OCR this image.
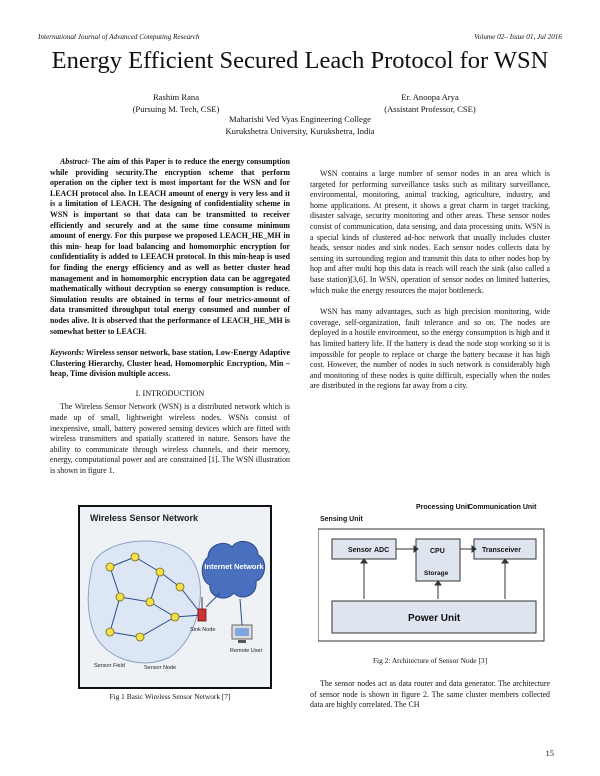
International Journal of Advanced Computing Research	Volume 02– Issue 01, Jul 2016
Energy Efficient Secured Leach Protocol for WSN
Rashim Rana
(Pursuing M. Tech, CSE)
Er. Anoopa Arya
(Assistant Professor, CSE)
Maharishi Ved Vyas Engineering College
Kurukshetra University, Kurukshetra, India

Abstract- The aim of this Paper is to reduce the energy consumption while providing security.The encryption scheme that perform operation on the cipher text is most important for the WSN and for LEACH protocol also. In LEACH amount of energy is very less and it is a limitation of LEACH. The designing of confidentiality scheme in WSN is important so that data can be transmitted to receiver efficiently and securely and at the same time consume minimum amount of energy. For this purpose we proposed LEACH_HE_MH in this min- heap for load balancing and homomorphic encryption for confidentiality is added to LEEACH protocol. In this min-heap is used for finding the energy efficiency and as well as better cluster head management and in homomorphic encryption data can be aggregated mathematically without decryption so energy consumption is reduce. Simulation results are obtained in terms of four metrics-amount of data transmitted throughput total energy consumed and number of nodes alive. It is observed that the performance of LEACH_HE_MH is somewhat better to LEACH.

Keywords: Wireless sensor network, base station, Low-Energy Adaptive Clustering Hierarchy, Cluster head, Homomorphic Encryption, Min –heap, Time division multiple access.

I. INTRODUCTION

The Wireless Sensor Network (WSN) is a distributed network which is made up of small, lightweight wireless nodes. WSNs consist of inexpensive, small, battery powered sensing devices which are fitted with wireless transmitters and spatially scattered in nature. Sensors have the ability to communicate through wireless channels, and their memory, energy, computational power and are constrained [1]. The WSN illustration is shown in figure 1.

WSN contains a large number of sensor nodes in an area which is targeted for performing surveillance tasks such as military surveillance, environmental, monitoring, animal tracking, agriculture, industry, and home applications. At present, it shows a great charm in target tracking, disaster salvage, security monitoring and other areas. These sensor nodes consist of communication, data sensing, and data processing units. WSN is a special kinds of clustered ad-hoc network that usually includes cluster heads, sensor nodes and sink nodes. Each sensor nodes collects data by sensing its surrounding region and transmit this data to other nodes hop by hop and after multi hop this data is reach will reach the sink (also called a base station)[3,6]. In WSN, operation of sensor nodes on limited batteries, which make the energy resources the major bottleneck.

WSN has many advantages, such as high precision monitoring, wide coverage, self-organization, fault tolerance and so on. The nodes are deployed in a hostile environment, so the energy consumption is high and it has limited battery life. If the battery is dead the node stop working so it is impossible for people to replace or charge the battery because it has high cost. However, the number of nodes in such network is considerably high and monitoring of these nodes is quite difficult, especially when the nodes are distributed in the regions far away from a city.

Wireless Sensor Network
Sink Node
Internet Network
Remote User
Sensor Field	Sensor Node
Fig 1 Basic Wireless Sensor Network [7]
Sensing Unit
Processing Unit
Communication Unit
Sensor ADC	CPU
Storage
Transceiver
Power Unit
Fig 2: Architecture of Sensor Node [3]

The sensor nodes act as data router and data generator. The architecture of sensor node is shown in figure 2. The same cluster members collected data are highly correlated. The CH

15
